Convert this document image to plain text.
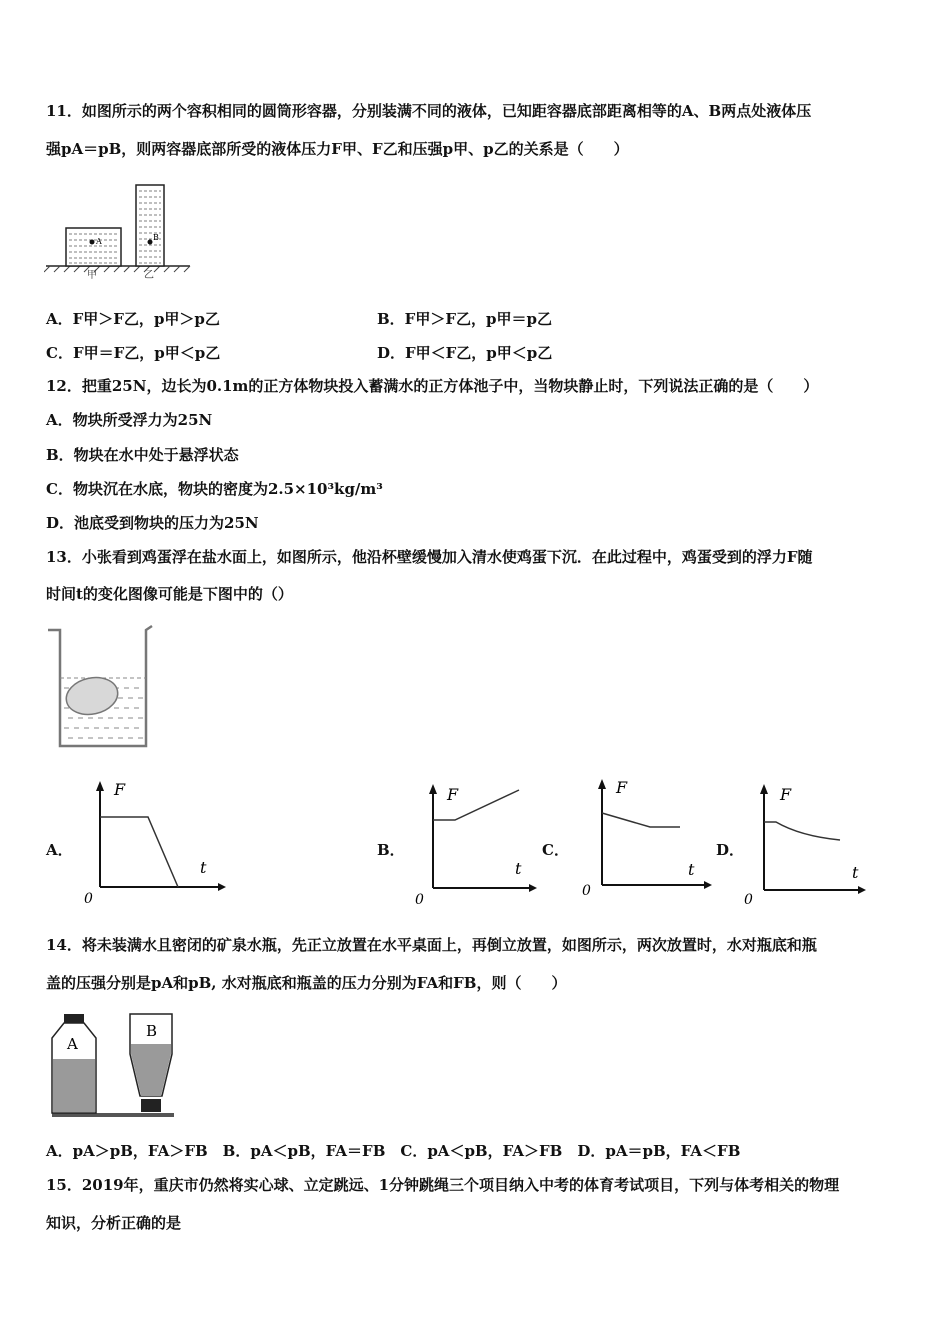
11．如图所示的两个容积相同的圆筒形容器，分别装满不同的液体，已知距容器底部距离相等的A、B两点处液体压
强pA＝pB，则两容器底部所受的液体压力F甲、F乙和压强p甲、p乙的关系是（　　）
A	B
甲	乙
A．F甲＞F乙，p甲＞p乙	B．F甲＞F乙，p甲＝p乙
C．F甲＝F乙，p甲＜p乙	D．F甲＜F乙，p甲＜p乙
12．把重25N，边长为0.1m的正方体物块投入蓄满水的正方体池子中，当物块静止时，下列说法正确的是（　　）
A．物块所受浮力为25N
B．物块在水中处于悬浮状态
C．物块沉在水底，物块的密度为2.5×10³kg/m³
D．池底受到物块的压力为25N
13．小张看到鸡蛋浮在盐水面上，如图所示，他沿杯壁缓慢加入清水使鸡蛋下沉．在此过程中，鸡蛋受到的浮力F随
时间t的变化图像可能是下图中的（）
A．
F
t
0
B．
F
t
0
C．
F
t
0
D．
F
t
0
14．将未装满水且密闭的矿泉水瓶，先正立放置在水平桌面上，再倒立放置，如图所示，两次放置时，水对瓶底和瓶
盖的压强分别是pA和pB, 水对瓶底和瓶盖的压力分别为FA和FB，则（　　）
A
B
A．pA＞pB，FA＞FB　B．pA＜pB，FA＝FB　C．pA＜pB，FA＞FB　D．pA＝pB，FA＜FB
15．2019年，重庆市仍然将实心球、立定跳远、1分钟跳绳三个项目纳入中考的体育考试项目，下列与体考相关的物理
知识，分析正确的是
